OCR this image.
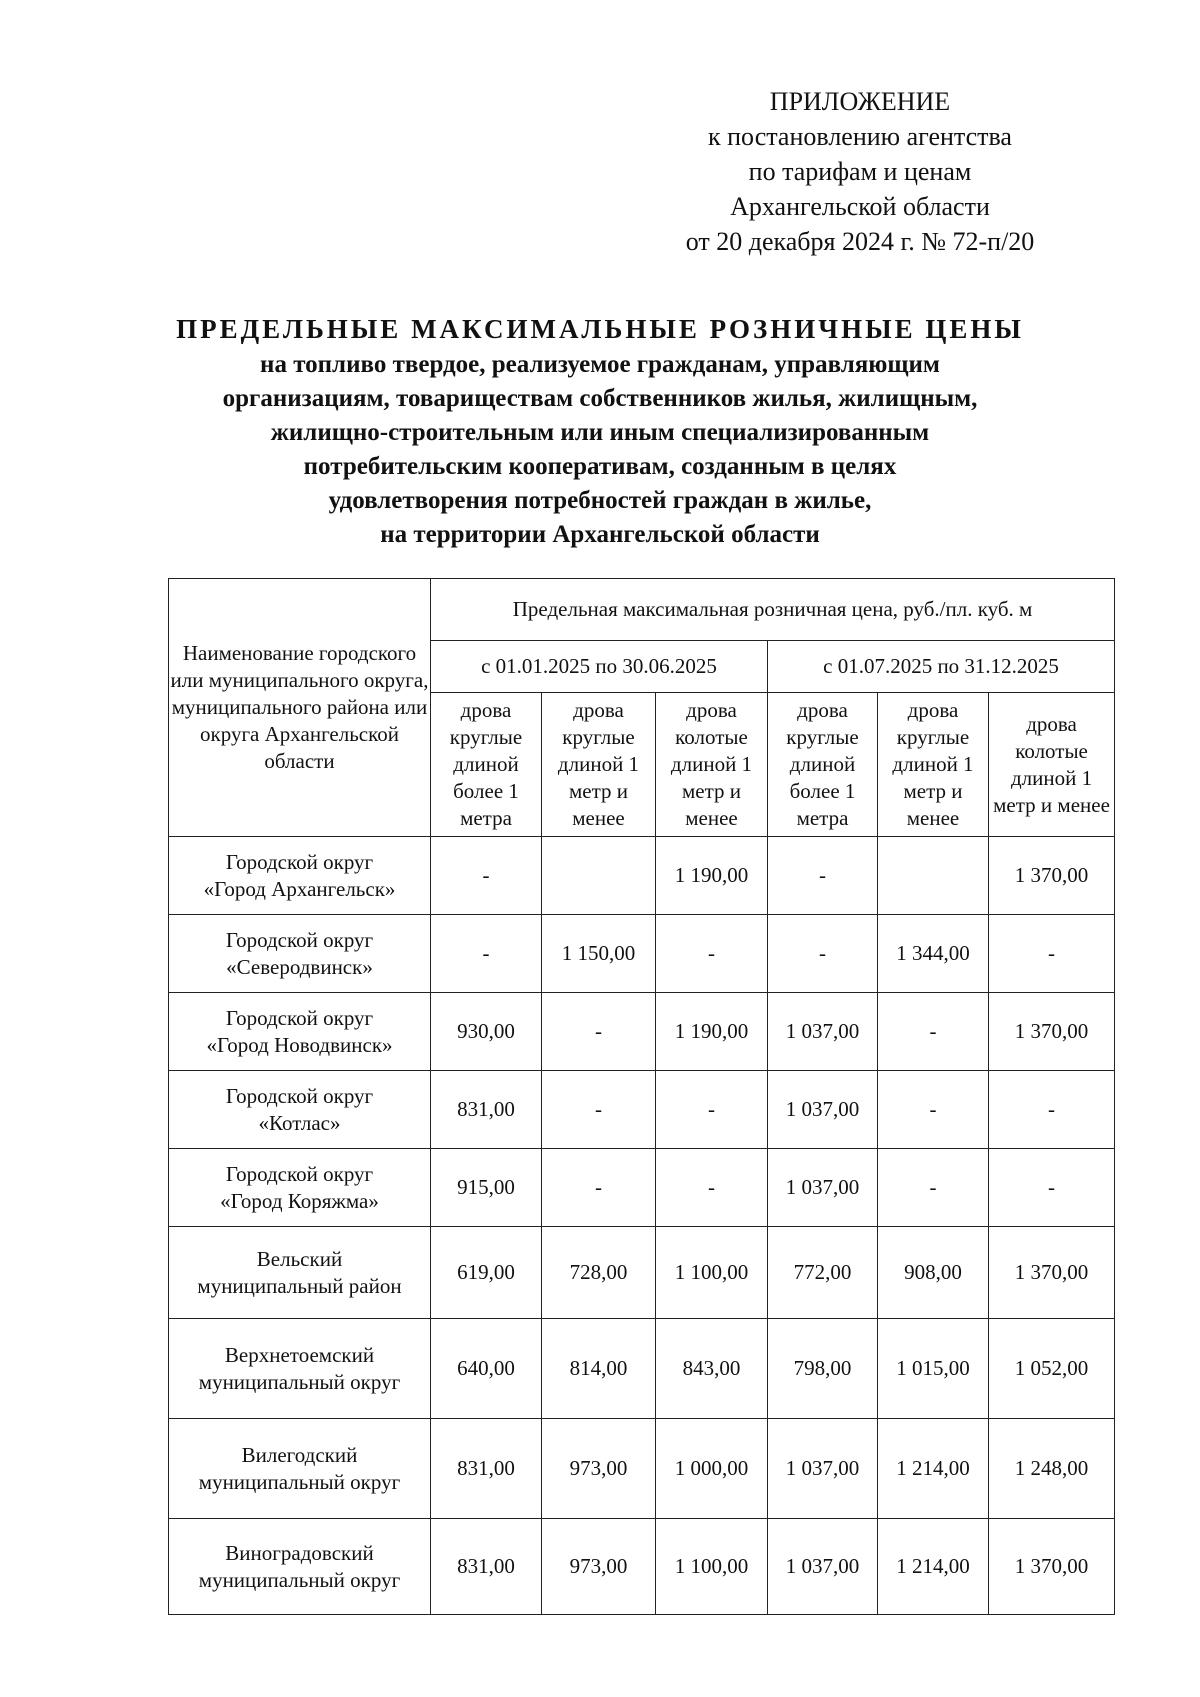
ПРИЛОЖЕНИЕ
к постановлению агентства
по тарифам и ценам
Архангельской области
от 20 декабря 2024 г. № 72-п/20
ПРЕДЕЛЬНЫЕ МАКСИМАЛЬНЫЕ РОЗНИЧНЫЕ ЦЕНЫ
на топливо твердое, реализуемое гражданам, управляющим
организациям, товариществам собственников жилья, жилищным,
жилищно-строительным или иным специализированным
потребительским кооперативам, созданным в целях
удовлетворения потребностей граждан в жилье,
на территории Архангельской области
Наименование городского или муниципального округа, муниципального района или округа Архангельской области	Предельная максимальная розничная цена, руб./пл. куб. м					
	с 01.01.2025 по 30.06.2025			с 01.07.2025 по 31.12.2025		
	дрова круглые длиной более 1 метра	дрова круглые длиной 1 метр и менее	дрова колотые длиной 1 метр и менее	дрова круглые длиной более 1 метра	дрова круглые длиной 1 метр и менее	дрова колотые длиной 1 метр и менее

Городской округ
«Город Архангельск»	-		1 190,00	-		1 370,00

Городской округ
«Северодвинск»	-	1 150,00	-	-	1 344,00	-

Городской округ
«Город Новодвинск»	930,00	-	1 190,00	1 037,00	-	1 370,00

Городской округ
«Котлас»	831,00	-	-	1 037,00	-	-

Городской округ
«Город Коряжма»	915,00	-	-	1 037,00	-	-

Вельский
муниципальный район	619,00	728,00	1 100,00	772,00	908,00	1 370,00

Верхнетоемский
муниципальный округ	640,00	814,00	843,00	798,00	1 015,00	1 052,00

Вилегодский
муниципальный округ	831,00	973,00	1 000,00	1 037,00	1 214,00	1 248,00

Виноградовский
муниципальный округ	831,00	973,00	1 100,00	1 037,00	1 214,00	1 370,00
